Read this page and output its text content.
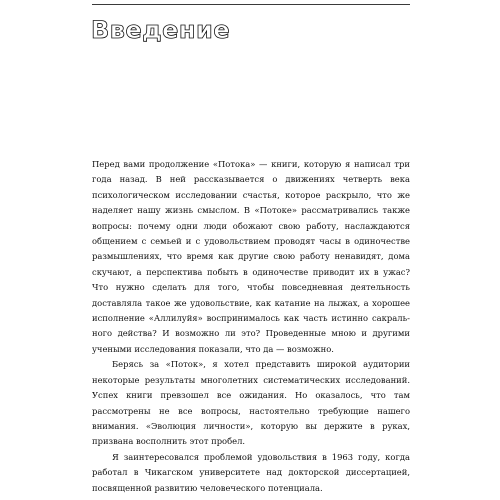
Введение

Перед вами продолжение «Потока» — книги, которую я написал три года назад. В ней рассказывается о движениях четверть века психологическом исследовании счастья, которое раскрыло, что же наделяет нашу жизнь смыслом. В «Потоке» рассматривались также вопросы: почему одни люди обожают свою работу, наслаждаются общением с семьей и с удовольствием проводят часы в одиночестве размышлениях, что время как другие свою работу ненавидят, дома скучают, а перспектива побыть в одиночестве приводит их в ужас? Что нужно сделать для того, чтобы повседневная деятельность доставляла такое же удовольствие, как катание на лыжах, а хорошее исполнение «Аллилуйя» воспринималось как часть истинно сакрального действа? И возможно ли это? Проведенные мною и другими учеными исследования показали, что да — возможно.

Берясь за «Поток», я хотел представить широкой аудитории некоторые результаты многолетних систематических исследований. Успех книги превзошел все ожидания. Но оказалось, что там рассмотрены не все вопросы, настоятельно требующие нашего внимания. «Эволюция личности», которую вы держите в руках, призвана восполнить этот пробел.

Я заинтересовался проблемой удовольствия в 1963 году, когда работал в Чикагском университете над докторской диссертацией, посвященной развитию человеческого потенциала.
